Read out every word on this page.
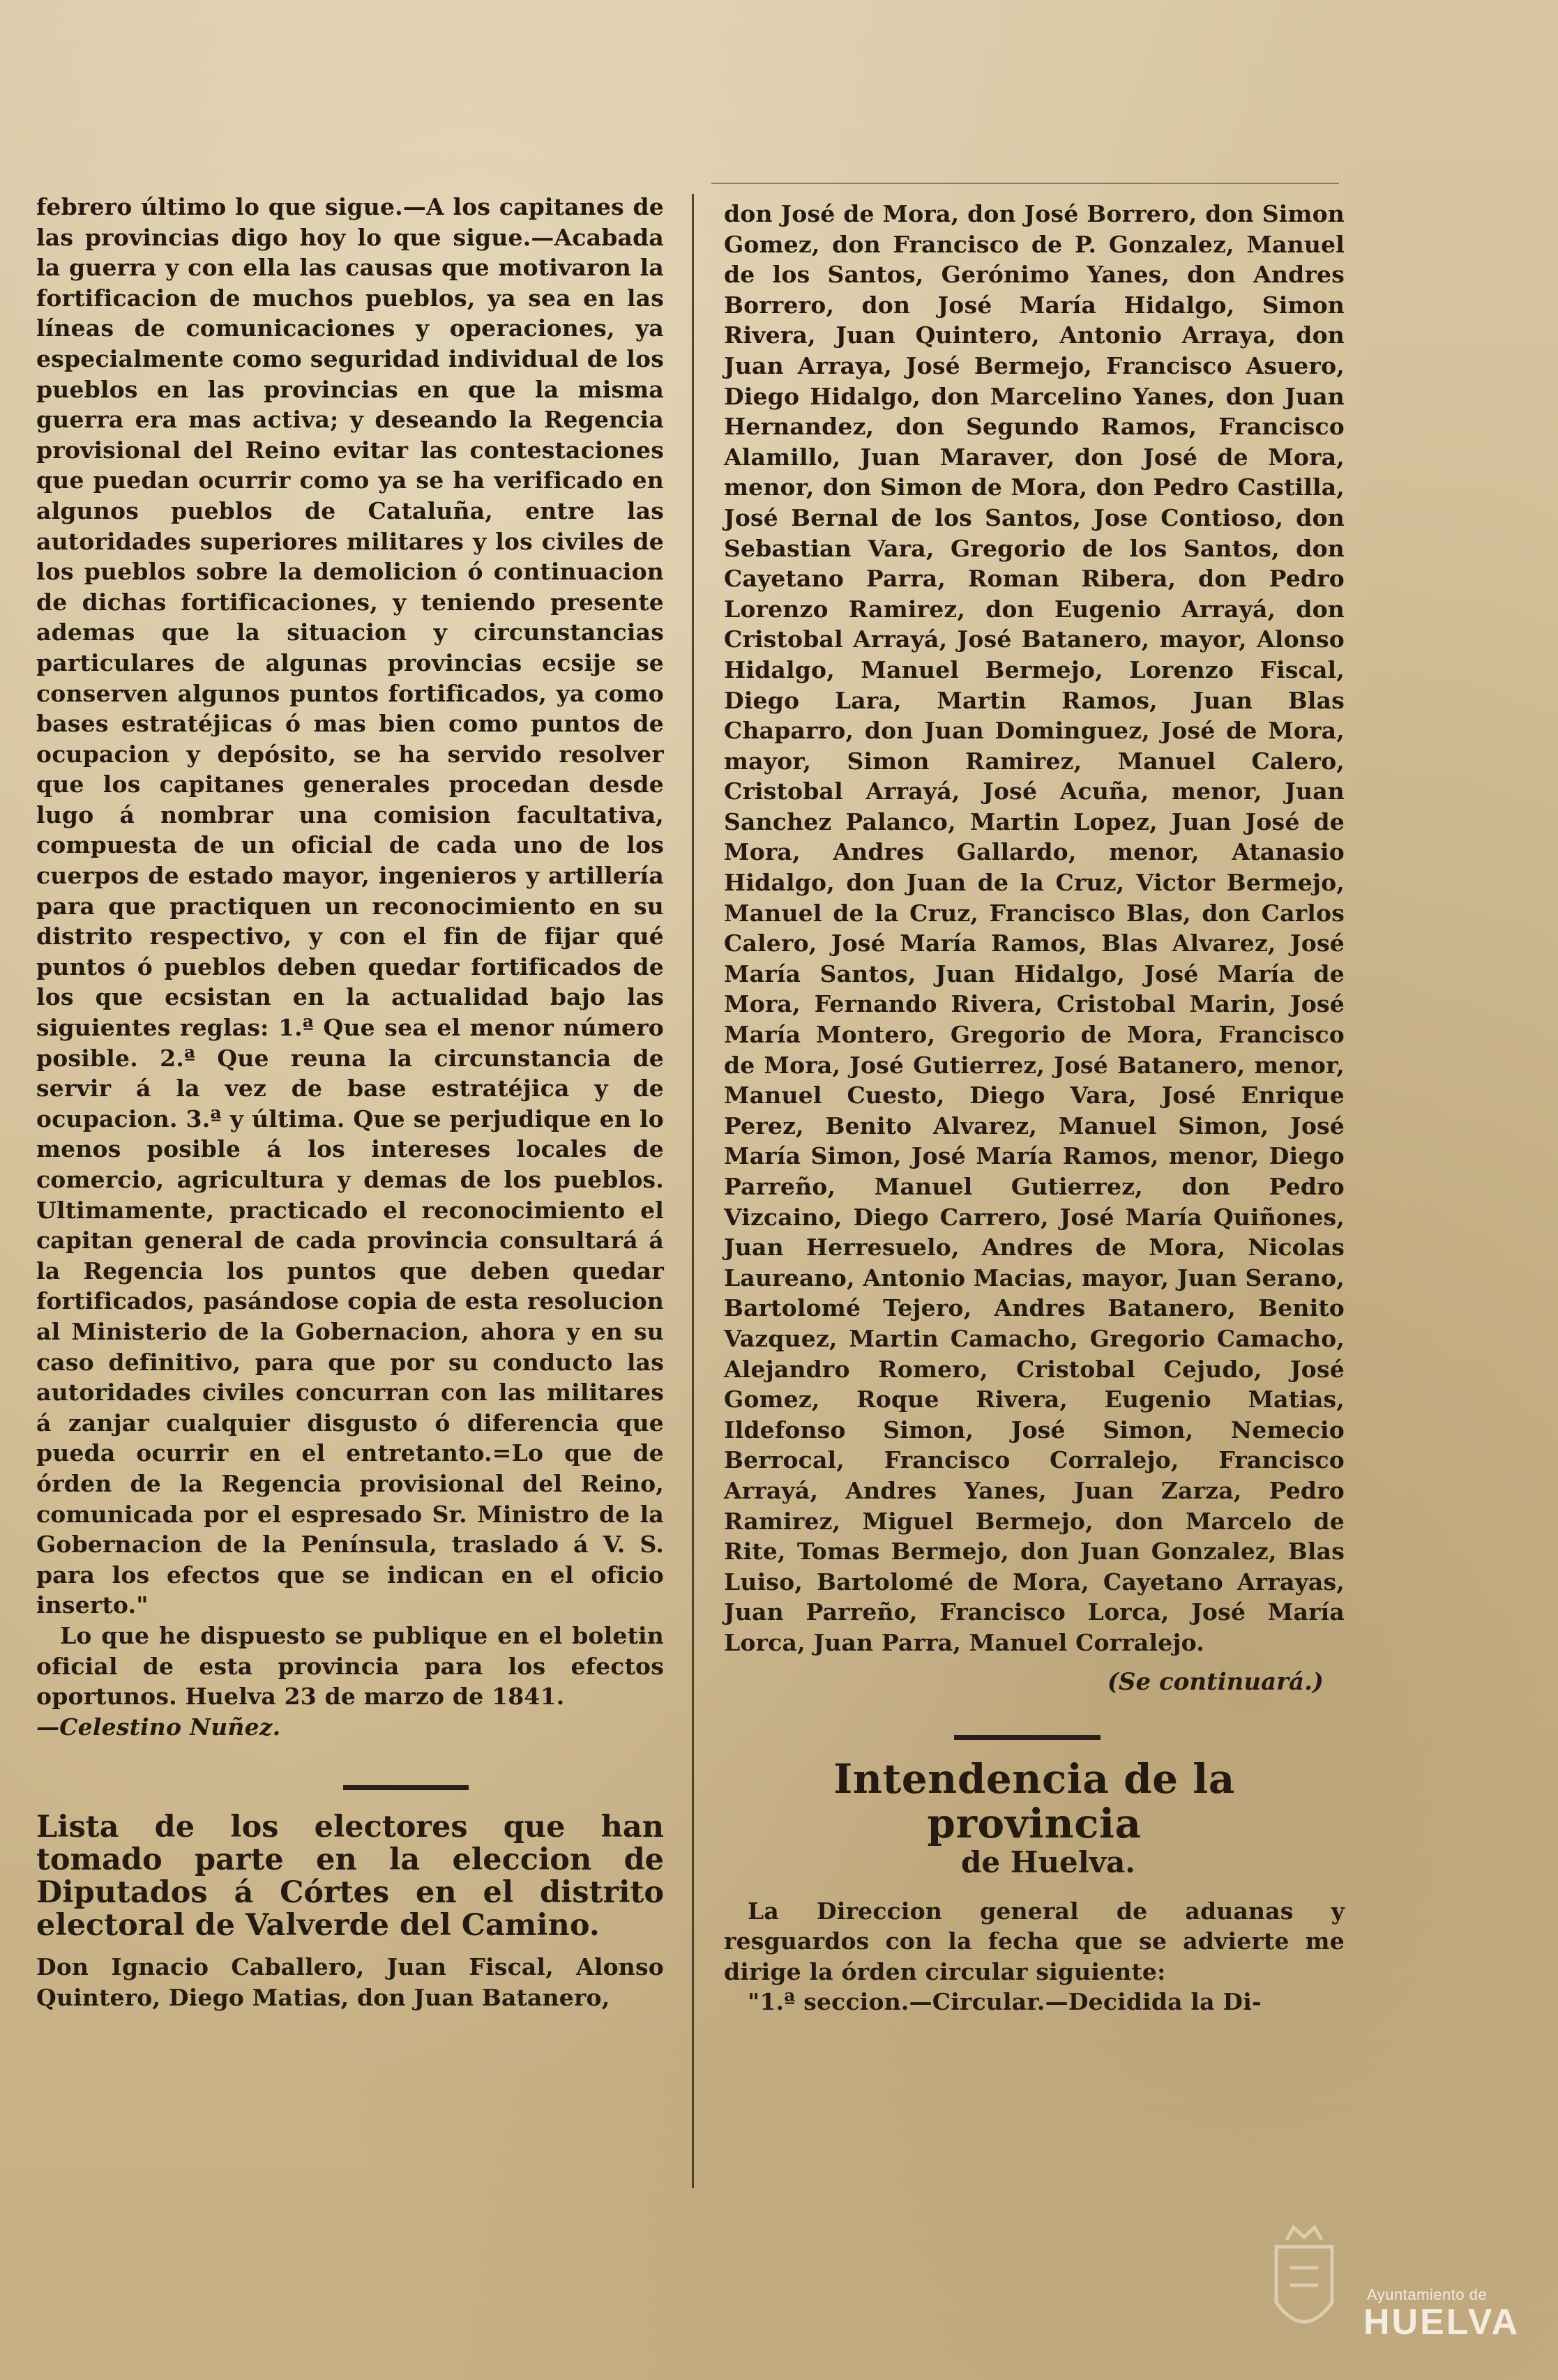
febrero último lo que sigue.—A los capitanes de las provincias digo hoy lo que sigue.—Acabada la guerra y con ella las causas que motivaron la fortificacion de muchos pueblos, ya sea en las líneas de comunicaciones y operaciones, ya especialmente como seguridad individual de los pueblos en las provincias en que la misma guerra era mas activa; y deseando la Regencia provisional del Reino evitar las contestaciones que puedan ocurrir como ya se ha verificado en algunos pueblos de Cataluña, entre las autoridades superiores militares y los civiles de los pueblos sobre la demolicion ó continuacion de dichas fortificaciones, y teniendo presente ademas que la situacion y circunstancias particulares de algunas provincias ecsije se conserven algunos puntos fortificados, ya como bases estratéjicas ó mas bien como puntos de ocupacion y depósito, se ha servido resolver que los capitanes generales procedan desde lugo á nombrar una comision facultativa, compuesta de un oficial de cada uno de los cuerpos de estado mayor, ingenieros y artillería para que practiquen un reconocimiento en su distrito respectivo, y con el fin de fijar qué puntos ó pueblos deben quedar fortificados de los que ecsistan en la actualidad bajo las siguientes reglas: 1.ª Que sea el menor número posible. 2.ª Que reuna la circunstancia de servir á la vez de base estratéjica y de ocupacion. 3.ª y última. Que se perjudique en lo menos posible á los intereses locales de comercio, agricultura y demas de los pueblos. Ultimamente, practicado el reconocimiento el capitan general de cada provincia consultará á la Regencia los puntos que deben quedar fortificados, pasándose copia de esta resolucion al Ministerio de la Gobernacion, ahora y en su caso definitivo, para que por su conducto las autoridades civiles concurran con las militares á zanjar cualquier disgusto ó diferencia que pueda ocurrir en el entretanto.=Lo que de órden de la Regencia provisional del Reino, comunicada por el espresado Sr. Ministro de la Gobernacion de la Península, traslado á V. S. para los efectos que se indican en el oficio inserto."

Lo que he dispuesto se publique en el boletin oficial de esta provincia para los efectos oportunos. Huelva 23 de marzo de 1841.
—Celestino Nuñez.

Lista de los electores que han tomado parte en la eleccion de Diputados á Córtes en el distrito electoral de Valverde del Camino.

Don Ignacio Caballero, Juan Fiscal, Alonso Quintero, Diego Matias, don Juan Batanero,

don José de Mora, don José Borrero, don Simon Gomez, don Francisco de P. Gonzalez, Manuel de los Santos, Gerónimo Yanes, don Andres Borrero, don José María Hidalgo, Simon Rivera, Juan Quintero, Antonio Arraya, don Juan Arraya, José Bermejo, Francisco Asuero, Diego Hidalgo, don Marcelino Yanes, don Juan Hernandez, don Segundo Ramos, Francisco Alamillo, Juan Maraver, don José de Mora, menor, don Simon de Mora, don Pedro Castilla, José Bernal de los Santos, Jose Contioso, don Sebastian Vara, Gregorio de los Santos, don Cayetano Parra, Roman Ribera, don Pedro Lorenzo Ramirez, don Eugenio Arrayá, don Cristobal Arrayá, José Batanero, mayor, Alonso Hidalgo, Manuel Bermejo, Lorenzo Fiscal, Diego Lara, Martin Ramos, Juan Blas Chaparro, don Juan Dominguez, José de Mora, mayor, Simon Ramirez, Manuel Calero, Cristobal Arrayá, José Acuña, menor, Juan Sanchez Palanco, Martin Lopez, Juan José de Mora, Andres Gallardo, menor, Atanasio Hidalgo, don Juan de la Cruz, Victor Bermejo, Manuel de la Cruz, Francisco Blas, don Carlos Calero, José María Ramos, Blas Alvarez, José María Santos, Juan Hidalgo, José María de Mora, Fernando Rivera, Cristobal Marin, José María Montero, Gregorio de Mora, Francisco de Mora, José Gutierrez, José Batanero, menor, Manuel Cuesto, Diego Vara, José Enrique Perez, Benito Alvarez, Manuel Simon, José María Simon, José María Ramos, menor, Diego Parreño, Manuel Gutierrez, don Pedro Vizcaino, Diego Carrero, José María Quiñones, Juan Herresuelo, Andres de Mora, Nicolas Laureano, Antonio Macias, mayor, Juan Serano, Bartolomé Tejero, Andres Batanero, Benito Vazquez, Martin Camacho, Gregorio Camacho, Alejandro Romero, Cristobal Cejudo, José Gomez, Roque Rivera, Eugenio Matias, Ildefonso Simon, José Simon, Nemecio Berrocal, Francisco Corralejo, Francisco Arrayá, Andres Yanes, Juan Zarza, Pedro Ramirez, Miguel Bermejo, don Marcelo de Rite, Tomas Bermejo, don Juan Gonzalez, Blas Luiso, Bartolomé de Mora, Cayetano Arrayas, Juan Parreño, Francisco Lorca, José María Lorca, Juan Parra, Manuel Corralejo.

(Se continuará.)
Intendencia de la provincia
de Huelva.

La Direccion general de aduanas y resguardos con la fecha que se advierte me dirige la órden circular siguiente:

"1.ª seccion.—Circular.—Decidida la Di-

Ayuntamiento de
HUELVA
